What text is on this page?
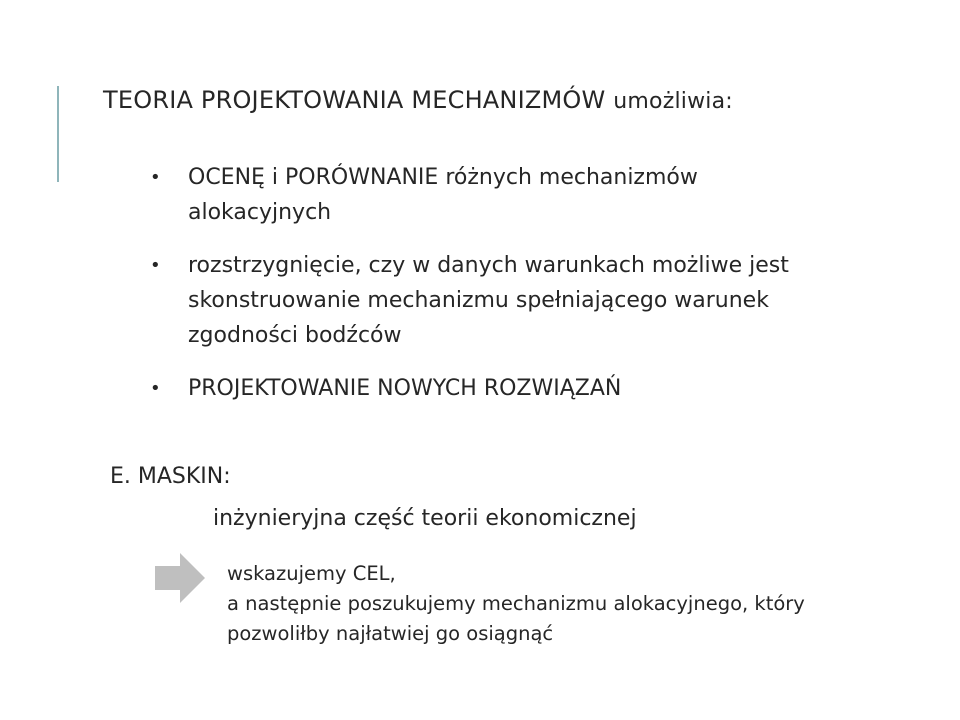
TEORIA PROJEKTOWANIA MECHANIZMÓW umożliwia:
• OCENĘ i PORÓWNANIE różnych mechanizmów
alokacyjnych
• rozstrzygnięcie, czy w danych warunkach możliwe jest
skonstruowanie mechanizmu spełniającego warunek
zgodności bodźców
• PROJEKTOWANIE NOWYCH ROZWIĄZAŃ
E. MASKIN:
inżynieryjna część teorii ekonomicznej
wskazujemy CEL,
a następnie poszukujemy mechanizmu alokacyjnego, który
pozwoliłby najłatwiej go osiągnąć
